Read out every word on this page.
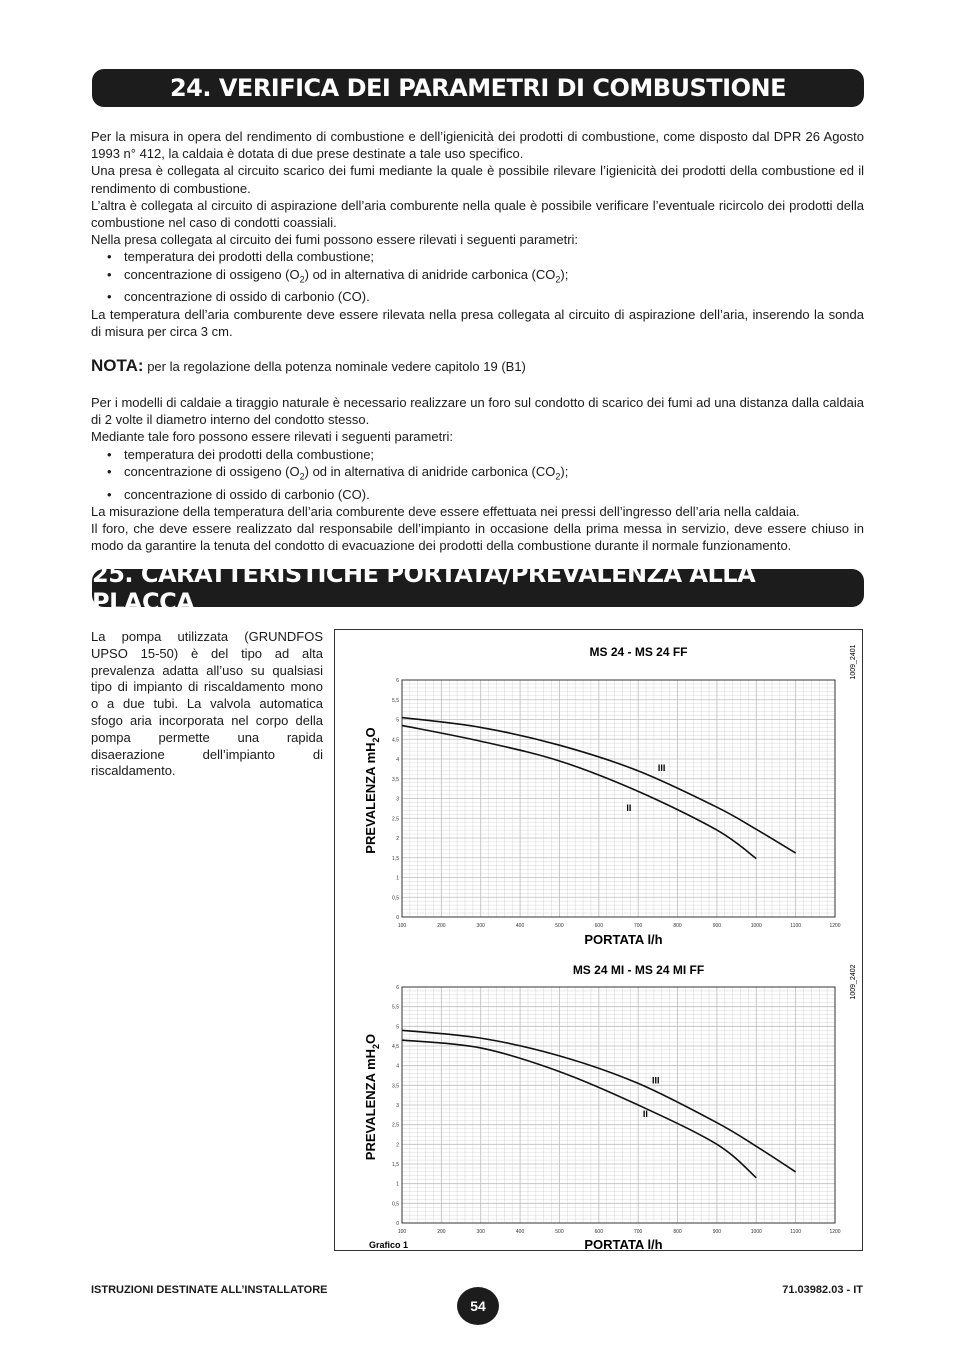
24. VERIFICA DEI PARAMETRI DI COMBUSTIONE

Per la misura in opera del rendimento di combustione e dell’igienicità dei prodotti di combustione, come disposto dal DPR 26 Agosto 1993 n° 412, la caldaia è dotata di due prese destinate a tale uso specifico.

Una presa è collegata al circuito scarico dei fumi mediante la quale è possibile rilevare l’igienicità dei prodotti della combustione ed il rendimento di combustione.

L’altra è collegata al circuito di aspirazione dell’aria comburente nella quale è possibile verificare l’eventuale ricircolo dei prodotti della combustione nel caso di condotti coassiali.

Nella presa collegata al circuito dei fumi possono essere rilevati i seguenti parametri:

• temperatura dei prodotti della combustione;
• concentrazione di ossigeno $(O_2)$ od in alternativa di anidride carbonica $(CO_2)$;
• concentrazione di ossido di carbonio (CO).

La temperatura dell’aria comburente deve essere rilevata nella presa collegata al circuito di aspirazione dell’aria, inserendo la sonda di misura per circa 3 cm.

NOTA: per la regolazione della potenza nominale vedere capitolo 19 (B1)

Per i modelli di caldaie a tiraggio naturale è necessario realizzare un foro sul condotto di scarico dei fumi ad una distanza dalla caldaia di 2 volte il diametro interno del condotto stesso.

Mediante tale foro possono essere rilevati i seguenti parametri:

• temperatura dei prodotti della combustione;
• concentrazione di ossigeno $(O_2)$ od in alternativa di anidride carbonica $(CO_2)$;
• concentrazione di ossido di carbonio (CO).

La misurazione della temperatura dell’aria comburente deve essere effettuata nei pressi dell’ingresso dell’aria nella caldaia.

Il foro, che deve essere realizzato dal responsabile dell’impianto in occasione della prima messa in servizio, deve essere chiuso in modo da garantire la tenuta del condotto di evacuazione dei prodotti della combustione durante il normale funzionamento.

25. CARATTERISTICHE PORTATA/PREVALENZA ALLA PLACCA
La pompa utilizzata (GRUNDFOS UPSO 15-50) è del tipo ad alta prevalenza adatta all’uso su qualsiasi tipo di impianto di riscaldamento mono o a due tubi. La valvola automatica sfogo aria incorporata nel corpo della pompa permette una rapida disaerazione dell’impianto di riscaldamento.
100	200	300	400	500	600	700	800	900	1000	1100	1200
0
0,5
1
1,5
2
2,5
3
3,5
4
4,5
5
5,5
6
MS 24 - MS 24 FF	1009_2401
PORTATA l/h
PREVALENZA $mH_2O$
III
II
100	200	300	400	500	600	700	800	900	1000	1100	1200
0
0,5
1
1,5
2
2,5
3
3,5
4
4,5
5
5,5
6
MS 24 MI - MS 24 MI FF	1009_2402
PORTATA l/h
PREVALENZA $mH_2O$
III
II
Grafico 1
ISTRUZIONI DESTINATE ALL’INSTALLATORE
54
71.03982.03 - IT
